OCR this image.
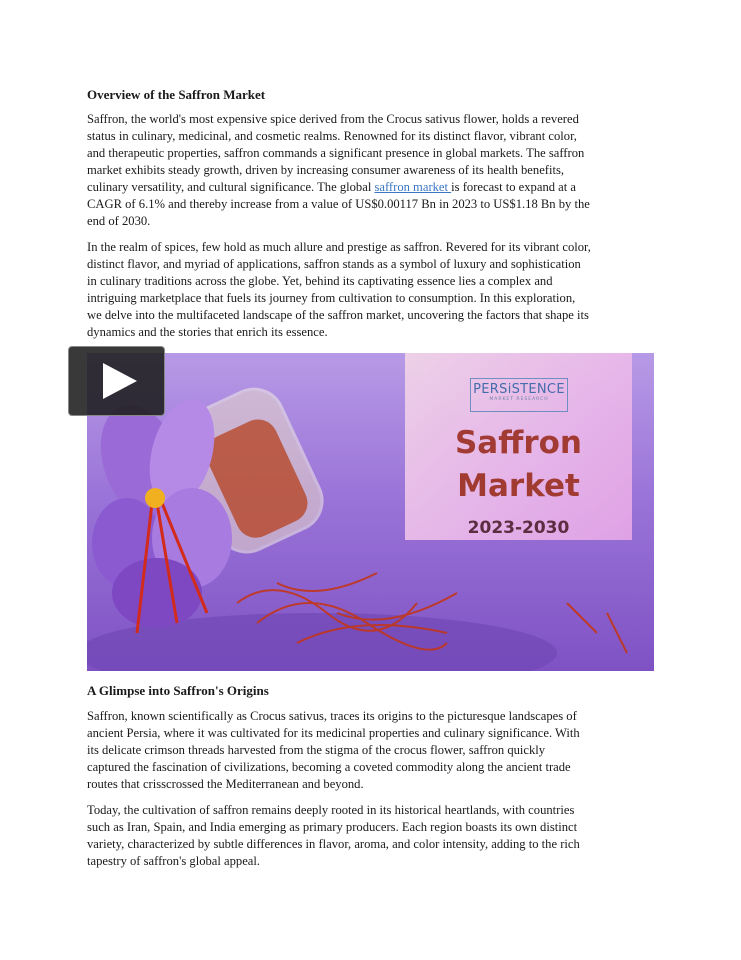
Overview of the Saffron Market
Saffron, the world's most expensive spice derived from the Crocus sativus flower, holds a revered
status in culinary, medicinal, and cosmetic realms. Renowned for its distinct flavor, vibrant color,
and therapeutic properties, saffron commands a significant presence in global markets. The saffron
market exhibits steady growth, driven by increasing consumer awareness of its health benefits,
culinary versatility, and cultural significance. The global saffron market is forecast to expand at a
CAGR of 6.1% and thereby increase from a value of US$0.00117 Bn in 2023 to US$1.18 Bn by the
end of 2030.
In the realm of spices, few hold as much allure and prestige as saffron. Revered for its vibrant color,
distinct flavor, and myriad of applications, saffron stands as a symbol of luxury and sophistication
in culinary traditions across the globe. Yet, behind its captivating essence lies a complex and
intriguing marketplace that fuels its journey from cultivation to consumption. In this exploration,
we delve into the multifaceted landscape of the saffron market, uncovering the factors that shape its
dynamics and the stories that enrich its essence.
PERSiSTENCE
MARKET RESEARCH
Saffron
Market
2023-2030
A Glimpse into Saffron's Origins
Saffron, known scientifically as Crocus sativus, traces its origins to the picturesque landscapes of
ancient Persia, where it was cultivated for its medicinal properties and culinary significance. With
its delicate crimson threads harvested from the stigma of the crocus flower, saffron quickly
captured the fascination of civilizations, becoming a coveted commodity along the ancient trade
routes that crisscrossed the Mediterranean and beyond.
Today, the cultivation of saffron remains deeply rooted in its historical heartlands, with countries
such as Iran, Spain, and India emerging as primary producers. Each region boasts its own distinct
variety, characterized by subtle differences in flavor, aroma, and color intensity, adding to the rich
tapestry of saffron's global appeal.
